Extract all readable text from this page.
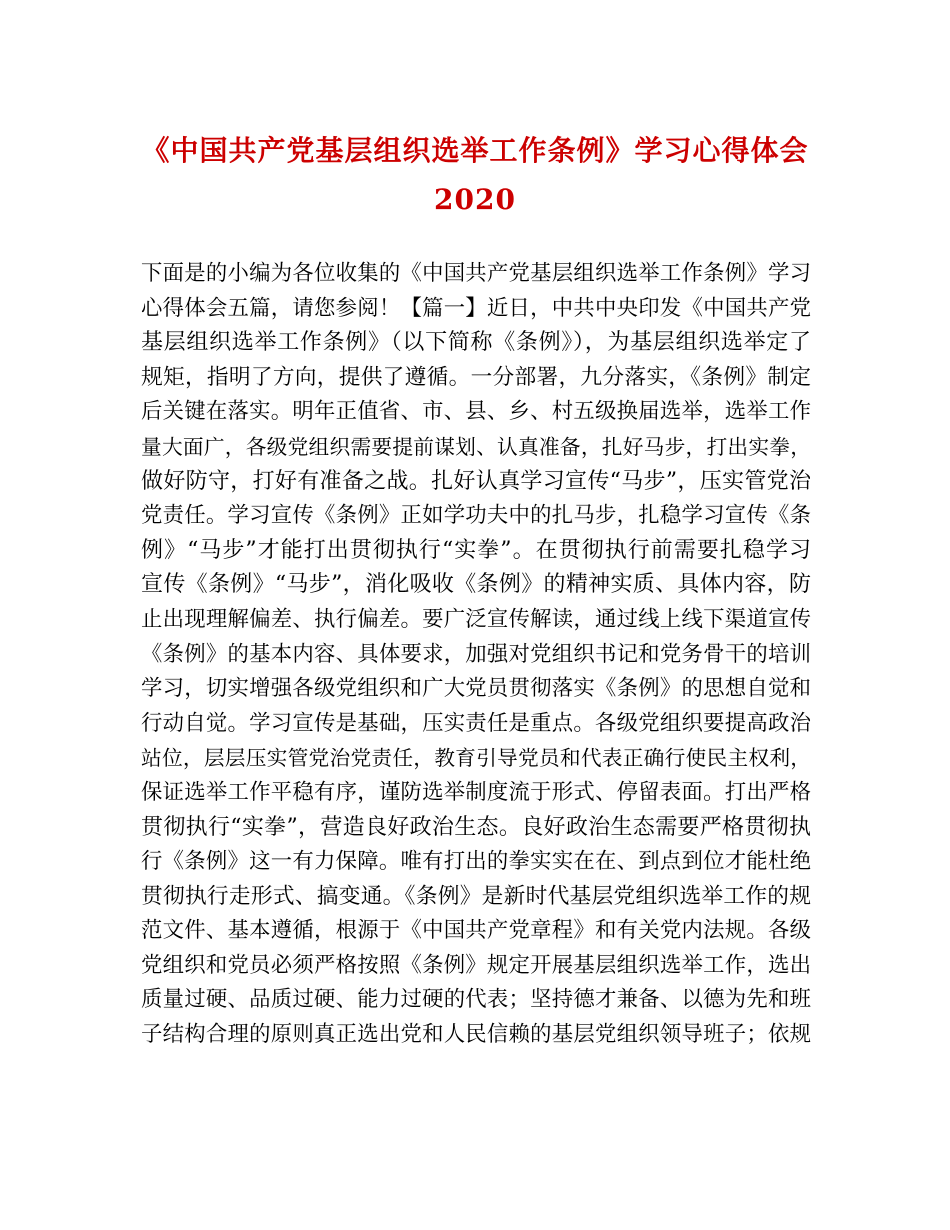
《中国共产党基层组织选举工作条例》学习心得体会
2020
下面是的小编为各位收集的《中国共产党基层组织选举工作条例》学习
心得体会五篇，请您参阅！【篇一】近日，中共中央印发《中国共产党
基层组织选举工作条例》（以下简称《条例》），为基层组织选举定了
规矩，指明了方向，提供了遵循。一分部署，九分落实，《条例》制定
后关键在落实。明年正值省、市、县、乡、村五级换届选举，选举工作
量大面广，各级党组织需要提前谋划、认真准备，扎好马步，打出实拳，
做好防守，打好有准备之战。扎好认真学习宣传“马步”，压实管党治
党责任。学习宣传《条例》正如学功夫中的扎马步，扎稳学习宣传《条
例》“马步”才能打出贯彻执行“实拳”。在贯彻执行前需要扎稳学习
宣传《条例》“马步”，消化吸收《条例》的精神实质、具体内容，防
止出现理解偏差、执行偏差。要广泛宣传解读，通过线上线下渠道宣传
《条例》的基本内容、具体要求，加强对党组织书记和党务骨干的培训
学习，切实增强各级党组织和广大党员贯彻落实《条例》的思想自觉和
行动自觉。学习宣传是基础，压实责任是重点。各级党组织要提高政治
站位，层层压实管党治党责任，教育引导党员和代表正确行使民主权利，
保证选举工作平稳有序，谨防选举制度流于形式、停留表面。打出严格
贯彻执行“实拳”，营造良好政治生态。良好政治生态需要严格贯彻执
行《条例》这一有力保障。唯有打出的拳实实在在、到点到位才能杜绝
贯彻执行走形式、搞变通。《条例》是新时代基层党组织选举工作的规
范文件、基本遵循，根源于《中国共产党章程》和有关党内法规。各级
党组织和党员必须严格按照《条例》规定开展基层组织选举工作，选出
质量过硬、品质过硬、能力过硬的代表；坚持德才兼备、以德为先和班
子结构合理的原则真正选出党和人民信赖的基层党组织领导班子；依规
